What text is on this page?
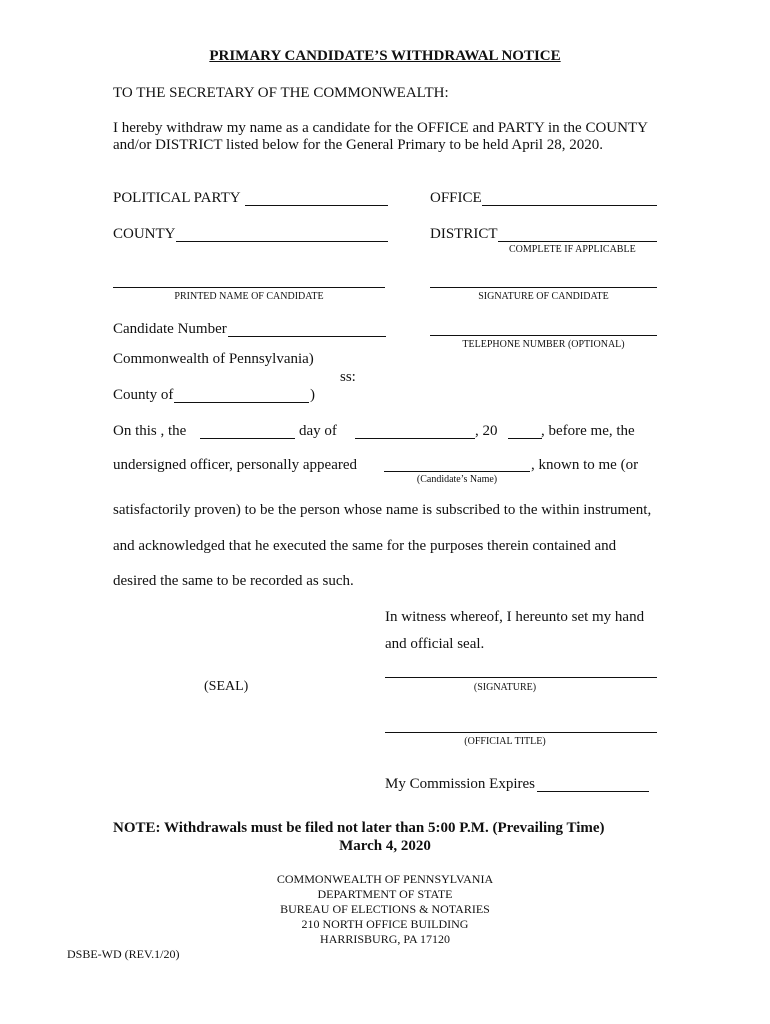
PRIMARY CANDIDATE’S WITHDRAWAL NOTICE
TO THE SECRETARY OF THE COMMONWEALTH:
I hereby withdraw my name as a candidate for the OFFICE and PARTY in the COUNTY
and/or DISTRICT listed below for the General Primary to be held April 28, 2020.
POLITICAL PARTY	OFFICE
COUNTY	DISTRICT
COMPLETE IF APPLICABLE
PRINTED NAME OF CANDIDATE	SIGNATURE OF CANDIDATE
Candidate Number
TELEPHONE NUMBER (OPTIONAL)
Commonwealth of Pennsylvania)
ss:
County of	)
On this , the	day of	, 20	, before me, the
undersigned officer, personally appeared	, known to me (or
(Candidate’s Name)
satisfactorily proven) to be the person whose name is subscribed to the within instrument,
and acknowledged that he executed the same for the purposes therein contained and
desired the same to be recorded as such.
In witness whereof, I hereunto set my hand
and official seal.
(SEAL)	(SIGNATURE)
(OFFICIAL TITLE)
My Commission Expires
NOTE: Withdrawals must be filed not later than 5:00 P.M. (Prevailing Time)
March 4, 2020
COMMONWEALTH OF PENNSYLVANIA
DEPARTMENT OF STATE
BUREAU OF ELECTIONS & NOTARIES
210 NORTH OFFICE BUILDING
HARRISBURG, PA 17120
DSBE-WD (REV.1/20)
